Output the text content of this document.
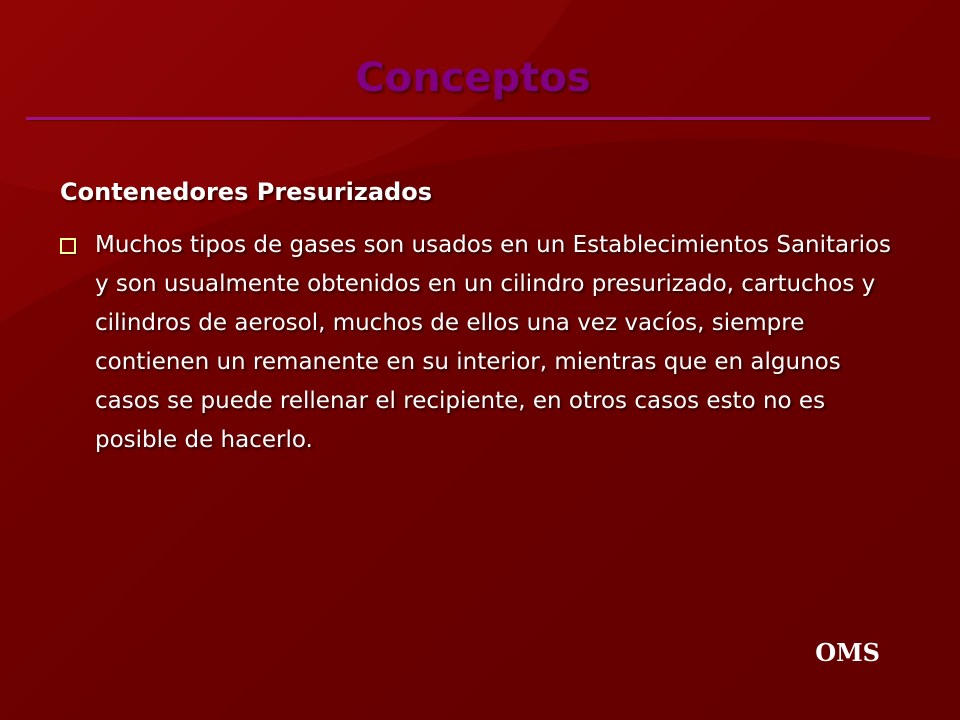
Conceptos
Contenedores Presurizados
Muchos tipos de gases son usados en un Establecimientos Sanitarios y son usualmente obtenidos en un cilindro presurizado, cartuchos y cilindros de aerosol, muchos de ellos una vez vacíos, siempre contienen un remanente en su interior, mientras que en algunos casos se puede rellenar el recipiente, en otros casos esto no es posible de hacerlo.

OMS
